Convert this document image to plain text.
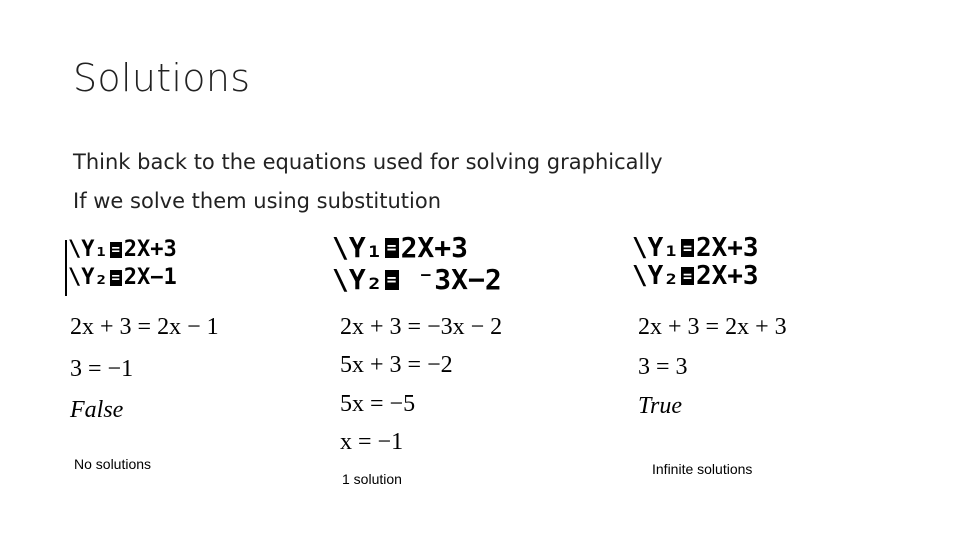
Solutions
Think back to the equations used for solving graphically
If we solve them using substitution
\Y₁ = 2X+3
\Y₂ = 2X−1
\Y₁ = 2X+3
\Y₂ = ⁻3X−2
\Y₁ = 2X+3
\Y₂ = 2X+3
2x + 3 = 2x − 1
3 = −1
False
2x + 3 = −3x − 2
5x + 3 = −2
5x = −5
x = −1
2x + 3 = 2x + 3
3 = 3
True
No solutions
1 solution
Infinite solutions
